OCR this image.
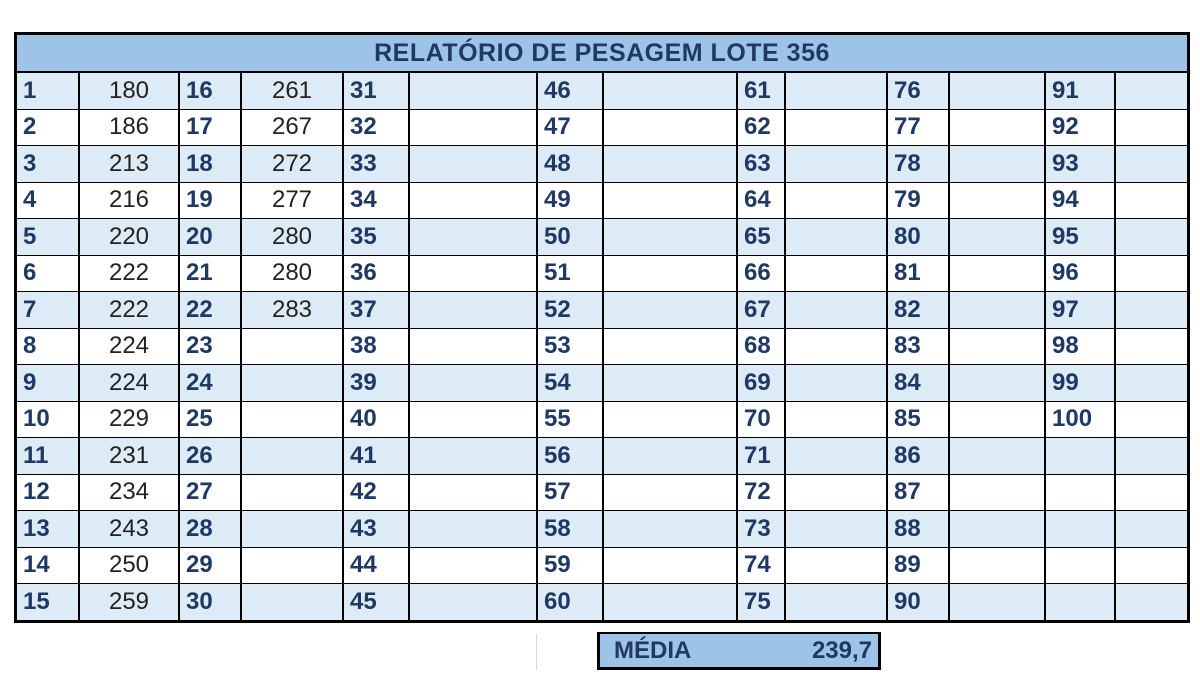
RELATÓRIO DE PESAGEM LOTE 356
1	180	16	261	31		46		61		76		91	
2	186	17	267	32		47		62		77		92	
3	213	18	272	33		48		63		78		93	
4	216	19	277	34		49		64		79		94	
5	220	20	280	35		50		65		80		95	
6	222	21	280	36		51		66		81		96	
7	222	22	283	37		52		67		82		97	
8	224	23		38		53		68		83		98	
9	224	24		39		54		69		84		99	
10	229	25		40		55		70		85		100	
11	231	26		41		56		71		86			
12	234	27		42		57		72		87			
13	243	28		43		58		73		88			
14	250	29		44		59		74		89			
15	259	30		45		60		75		90			
MÉDIA	239,7
